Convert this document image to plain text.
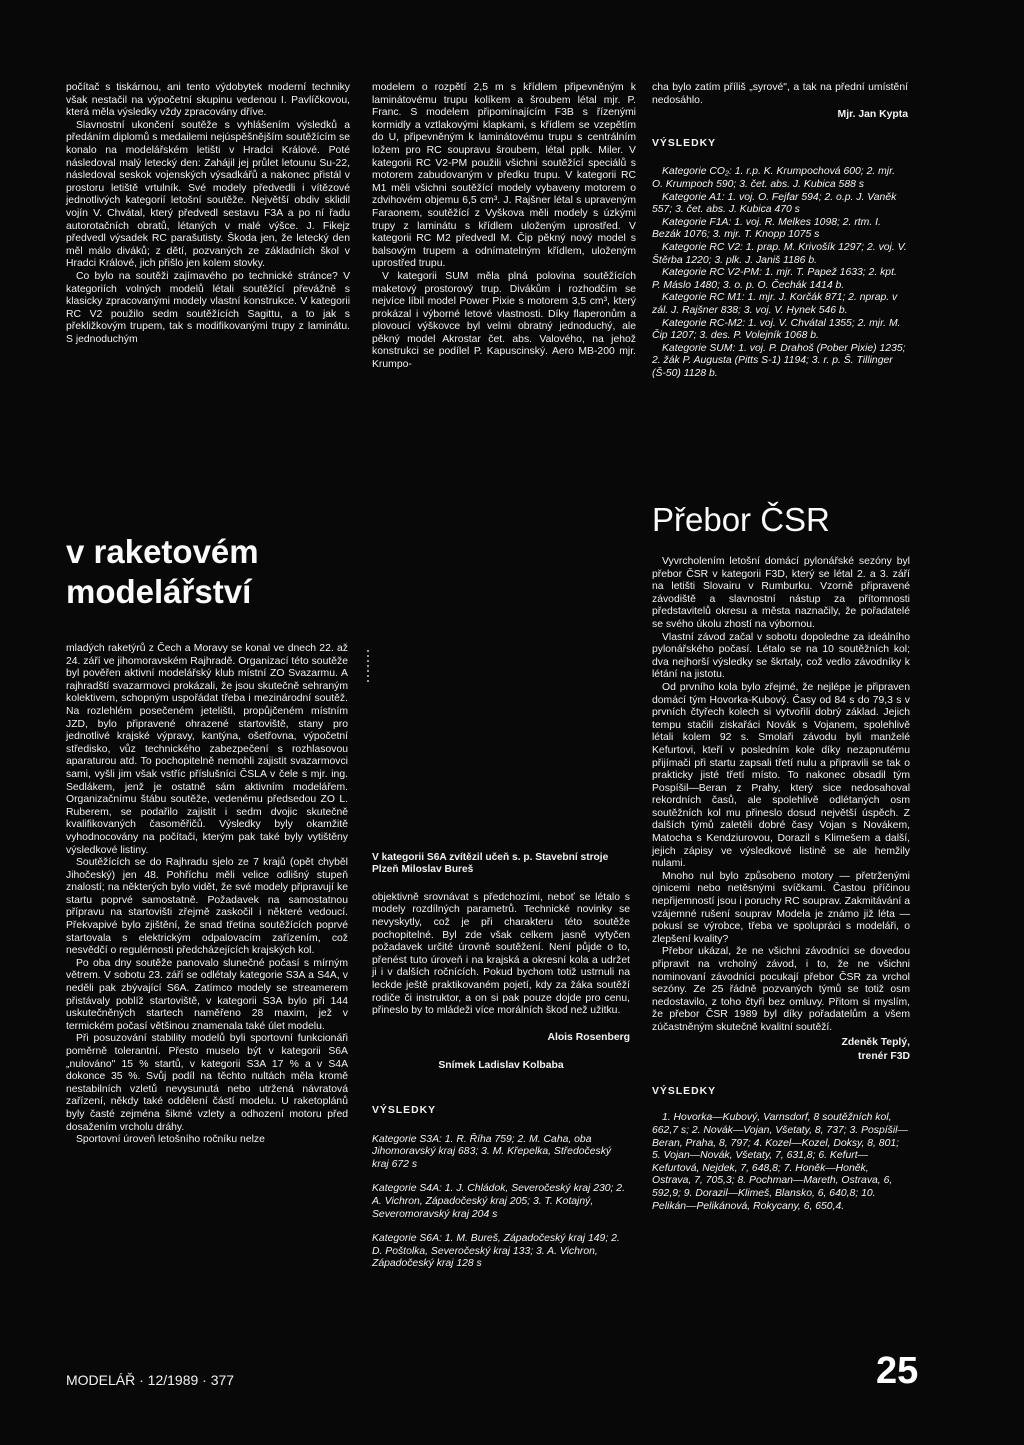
počítač s tiskárnou, ani tento výdobytek moderní techniky však nestačil na výpočetní skupinu vedenou I. Pavlíčkovou, která měla výsledky vždy zpracovány dříve.

Slavnostní ukončení soutěže s vyhlášením výsledků a předáním diplomů s medailemi nejúspěšnějším soutěžícím se konalo na modelářském letišti v Hradci Králové. Poté následoval malý letecký den: Zahájil jej průlet letounu Su-22, následoval seskok vojenských výsadkářů a nakonec přistál v prostoru letiště vrtulník. Své modely předvedli i vítězové jednotlivých kategorií letošní soutěže. Největší obdiv sklidil vojín V. Chvátal, který předvedl sestavu F3A a po ní řadu autorotačních obratů, létaných v malé výšce. J. Fikejz předvedl výsadek RC parašutisty. Škoda jen, že letecký den měl málo diváků; z dětí, pozvaných ze základních škol v Hradci Králové, jich přišlo jen kolem stovky.

Co bylo na soutěži zajímavého po technické stránce? V kategoriích volných modelů létali soutěžící převážně s klasicky zpracovanými modely vlastní konstrukce. V kategorii RC V2 použilo sedm soutěžících Sagittu, a to jak s překližkovým trupem, tak s modifikovanými trupy z laminátu. S jednoduchým

modelem o rozpětí 2,5 m s křídlem připevněným k laminátovému trupu kolíkem a šroubem létal mjr. P. Franc. S modelem připomínajícím F3B s řízenými kormidly a vztlakovými klapkami, s křídlem se vzepětím do U, připevněným k laminátovému trupu s centrálním ložem pro RC soupravu šroubem, létal pplk. Miler. V kategorii RC V2-PM použili všichni soutěžící speciálů s motorem zabudovaným v předku trupu. V kategorii RC M1 měli všichni soutěžící modely vybaveny motorem o zdvihovém objemu 6,5 cm³. J. Rajšner létal s upraveným Faraonem, soutěžící z Vyškova měli modely s úzkými trupy z laminátu s křídlem uloženým uprostřed. V kategorii RC M2 předvedl M. Čip pěkný nový model s balsovým trupem a odnímatelným křídlem, uloženým uprostřed trupu.

V kategorii SUM měla plná polovina soutěžících maketový prostorový trup. Divákům i rozhodčím se nejvíce líbil model Power Pixie s motorem 3,5 cm³, který prokázal i výborné letové vlastnosti. Díky flaperonům a plovoucí výškovce byl velmi obratný jednoduchý, ale pěkný model Akrostar čet. abs. Valového, na jehož konstrukci se podílel P. Kapuscinský. Aero MB-200 mjr. Krumpo-

cha bylo zatím příliš „syrové", a tak na přední umístění nedosáhlo.

Mjr. Jan Kypta
VÝSLEDKY

Kategorie CO₂: 1. r.p. K. Krumpochová 600; 2. mjr. O. Krumpoch 590; 3. čet. abs. J. Kubica 588 s

Kategorie A1: 1. voj. O. Fejfar 594; 2. o.p. J. Vaněk 557; 3. čet. abs. J. Kubica 470 s

Kategorie F1A: 1. voj. R. Melkes 1098; 2. rtm. I. Bezák 1076; 3. mjr. T. Knopp 1075 s

Kategorie RC V2: 1. prap. M. Krivošík 1297; 2. voj. V. Štěrba 1220; 3. plk. J. Janiš 1186 b.

Kategorie RC V2-PM: 1. mjr. T. Papež 1633; 2. kpt. P. Máslo 1480; 3. o. p. O. Čechák 1414 b.

Kategorie RC M1: 1. mjr. J. Korčák 871; 2. nprap. v zál. J. Rajšner 838; 3. voj. V. Hynek 546 b.

Kategorie RC-M2: 1. voj. V. Chvátal 1355; 2. mjr. M. Čip 1207; 3. des. P. Volejník 1068 b.

Kategorie SUM: 1. voj. P. Drahoš (Pober Pixie) 1235; 2. žák P. Augusta (Pitts S-1) 1194; 3. r. p. Š. Tillinger (Š-50) 1128 b.

v raketovém
modelářství

mladých raketýrů z Čech a Moravy se konal ve dnech 22. až 24. září ve jihomoravském Rajhradě. Organizací této soutěže byl pověřen aktivní modelářský klub místní ZO Svazarmu. A rajhradští svazarmovci prokázali, že jsou skutečně sehraným kolektivem, schopným uspořádat třeba i mezinárodní soutěž. Na rozlehlém posečeném jetelišti, propůjčeném místním JZD, bylo připravené ohrazené startoviště, stany pro jednotlivé krajské výpravy, kantýna, ošetřovna, výpočetní středisko, vůz technického zabezpečení s rozhlasovou aparaturou atd. To pochopitelně nemohli zajistit svazarmovci sami, vyšli jim však vstříc příslušníci ČSLA v čele s mjr. ing. Sedlákem, jenž je ostatně sám aktivním modelářem. Organizačnímu štábu soutěže, vedenému předsedou ZO L. Ruberem, se podařilo zajistit i sedm dvojic skutečně kvalifikovaných časoměřičů. Výsledky byly okamžitě vyhodnocovány na počítači, kterým pak také byly vytištěny výsledkové listiny.

Soutěžících se do Rajhradu sjelo ze 7 krajů (opět chyběl Jihočeský) jen 48. Pohříchu měli velice odlišný stupeň znalostí; na některých bylo vidět, že své modely připravují ke startu poprvé samostatně. Požadavek na samostatnou přípravu na startovišti zřejmě zaskočil i některé vedoucí. Překvapivé bylo zjištění, že snad třetina soutěžících poprvé startovala s elektrickým odpalovacím zařízením, což nesvědčí o regulérnosti předcházejících krajských kol.

Po oba dny soutěže panovalo slunečné počasí s mírným větrem. V sobotu 23. září se odlétaly kategorie S3A a S4A, v neděli pak zbývající S6A. Zatímco modely se streamerem přistávaly poblíž startoviště, v kategorii S3A bylo při 144 uskutečněných startech naměřeno 28 maxim, jež v termickém počasí většinou znamenala také úlet modelu.

Při posuzování stability modelů byli sportovní funkcionáři poměrně tolerantní. Přesto muselo být v kategorii S6A „nulováno" 15 % startů, v kategorii S3A 17 % a v S4A dokonce 35 %. Svůj podíl na těchto nultách měla kromě nestabilních vzletů nevysunutá nebo utržená návratová zařízení, někdy také oddělení částí modelu. U raketoplánů byly časté zejména šikmé vzlety a odhození motoru před dosažením vrcholu dráhy.

Sportovní úroveň letošního ročníku nelze

V kategorii S6A zvítězil učeň s. p. Stavební stroje Plzeň Miloslav Bureš

objektivně srovnávat s předchozími, neboť se létalo s modely rozdílných parametrů. Technické novinky se nevyskytly, což je při charakteru této soutěže pochopitelné. Byl zde však celkem jasně vytyčen požadavek určité úrovně soutěžení. Není půjde o to, přenést tuto úroveň i na krajská a okresní kola a udržet ji i v dalších ročnících. Pokud bychom totiž ustrnuli na leckde ještě praktikovaném pojetí, kdy za žáka soutěží rodiče či instruktor, a on si pak pouze dojde pro cenu, přineslo by to mládeži více morálních škod než užitku.

Alois Rosenberg
Snímek Ladislav Kolbaba
VÝSLEDKY

Kategorie S3A: 1. R. Říha 759; 2. M. Caha, oba Jihomoravský kraj 683; 3. M. Křepelka, Středočeský kraj 672 s

Kategorie S4A: 1. J. Chládok, Severočeský kraj 230; 2. A. Vichron, Západočeský kraj 205; 3. T. Kotajný, Severomoravský kraj 204 s

Kategorie S6A: 1. M. Bureš, Západočeský kraj 149; 2. D. Poštolka, Severočeský kraj 133; 3. A. Vichron, Západočeský kraj 128 s

Přebor ČSR

Vyvrcholením letošní domácí pylonářské sezóny byl přebor ČSR v kategorii F3D, který se létal 2. a 3. září na letišti Slovairu v Rumburku. Vzorně připravené závodiště a slavnostní nástup za přítomnosti představitelů okresu a města naznačily, že pořadatelé se svého úkolu zhostí na výbornou.

Vlastní závod začal v sobotu dopoledne za ideálního pylonářského počasí. Létalo se na 10 soutěžních kol; dva nejhorší výsledky se škrtaly, což vedlo závodníky k létání na jistotu.

Od prvního kola bylo zřejmé, že nejlépe je připraven domácí tým Hovorka-Kubový. Časy od 84 s do 79,3 s v prvních čtyřech kolech si vytvořili dobrý základ. Jejich tempu stačili ziskařáci Novák s Vojanem, spolehlivě létali kolem 92 s. Smolaři závodu byli manželé Kefurtovi, kteří v posledním kole díky nezapnutému přijímači při startu zapsali třetí nulu a připravili se tak o prakticky jisté třetí místo. To nakonec obsadil tým Pospíšil—Beran z Prahy, který sice nedosahoval rekordních časů, ale spolehlivě odlétaných osm soutěžních kol mu přineslo dosud největší úspěch. Z dalších týmů zaletěli dobré časy Vojan s Novákem, Matocha s Kendziurovou, Dorazil s Klimešem a další, jejich zápisy ve výsledkové listině se ale hemžily nulami.

Mnoho nul bylo způsobeno motory — přetrženými ojnicemi nebo netěsnými svíčkami. Častou příčinou nepřijemností jsou i poruchy RC souprav. Zakmitávání a vzájemné rušení souprav Modela je známo již léta — pokusí se výrobce, třeba ve spolupráci s modeláři, o zlepšení kvality?

Přebor ukázal, že ne všichni závodníci se dovedou připravit na vrcholný závod, i to, že ne všichni nominovaní závodníci pocukají přebor ČSR za vrchol sezóny. Ze 25 řádně pozvaných týmů se totiž osm nedostavilo, z toho čtyři bez omluvy. Přitom si myslím, že přebor ČSR 1989 byl díky pořadatelům a všem zúčastněným skutečně kvalitní soutěží.

Zdeněk Teplý,
trenér F3D
VÝSLEDKY

1. Hovorka—Kubový, Varnsdorf, 8 soutěžních kol, 662,7 s; 2. Novák—Vojan, Všetaty, 8, 737; 3. Pospíšil—Beran, Praha, 8, 797; 4. Kozel—Kozel, Doksy, 8, 801; 5. Vojan—Novák, Všetaty, 7, 631,8; 6. Kefurt—Kefurtová, Nejdek, 7, 648,8; 7. Honěk—Honěk, Ostrava, 7, 705,3; 8. Pochman—Mareth, Ostrava, 6, 592,9; 9. Dorazil—Klimeš, Blansko, 6, 640,8; 10. Pelikán—Pelikánová, Rokycany, 6, 650,4.

MODELÁŘ · 12/1989 · 377	25
